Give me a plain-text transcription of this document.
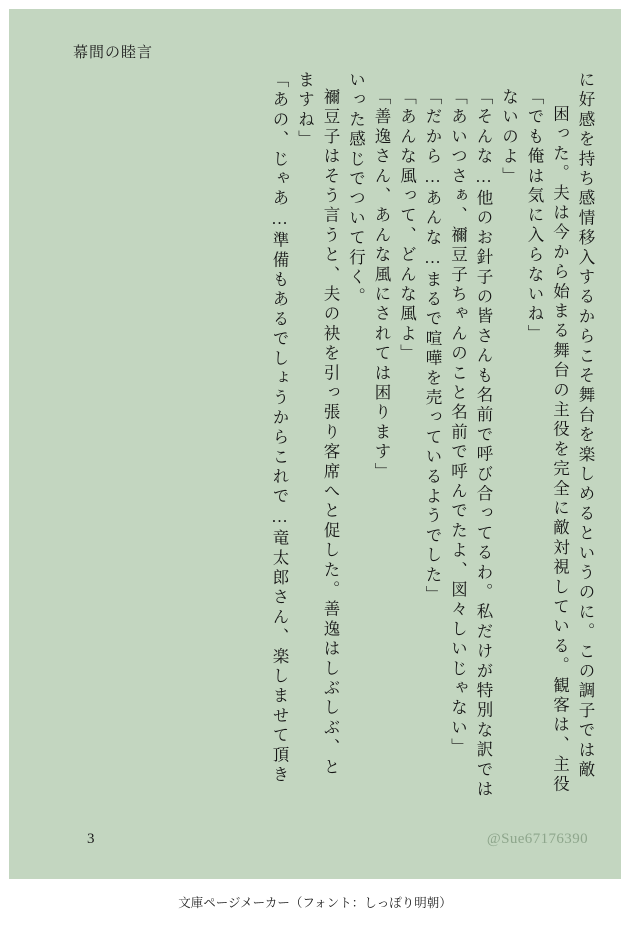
幕間の睦言
「あの、じゃあ…準備もあるでしょうからこれで…竜太郎さん、楽しませて頂き ますね」 禰豆子はそう言うと、夫の袂を引っ張り客席へと促した。善逸はしぶしぶ、と いった感じでついて行く。 「善逸さん、あんな風にされては困ります」 「あんな風って、どんな風よ」 「だから…あんな…まるで喧嘩を売っているようでした」 「あいつさぁ、禰豆子ちゃんのこと名前で呼んでたよ、図々しいじゃない」 「そんな…他のお針子の皆さんも名前で呼び合ってるわ。私だけが特別な訳では ないのよ」 「でも俺は気に入らないね」 困った。夫は今から始まる舞台の主役を完全に敵対視している。観客は、主役 に好感を持ち感情移入するからこそ舞台を楽しめるというのに。この調子では敵
3	@Sue67176390
文庫ページメーカー（フォント：しっぽり明朝）
